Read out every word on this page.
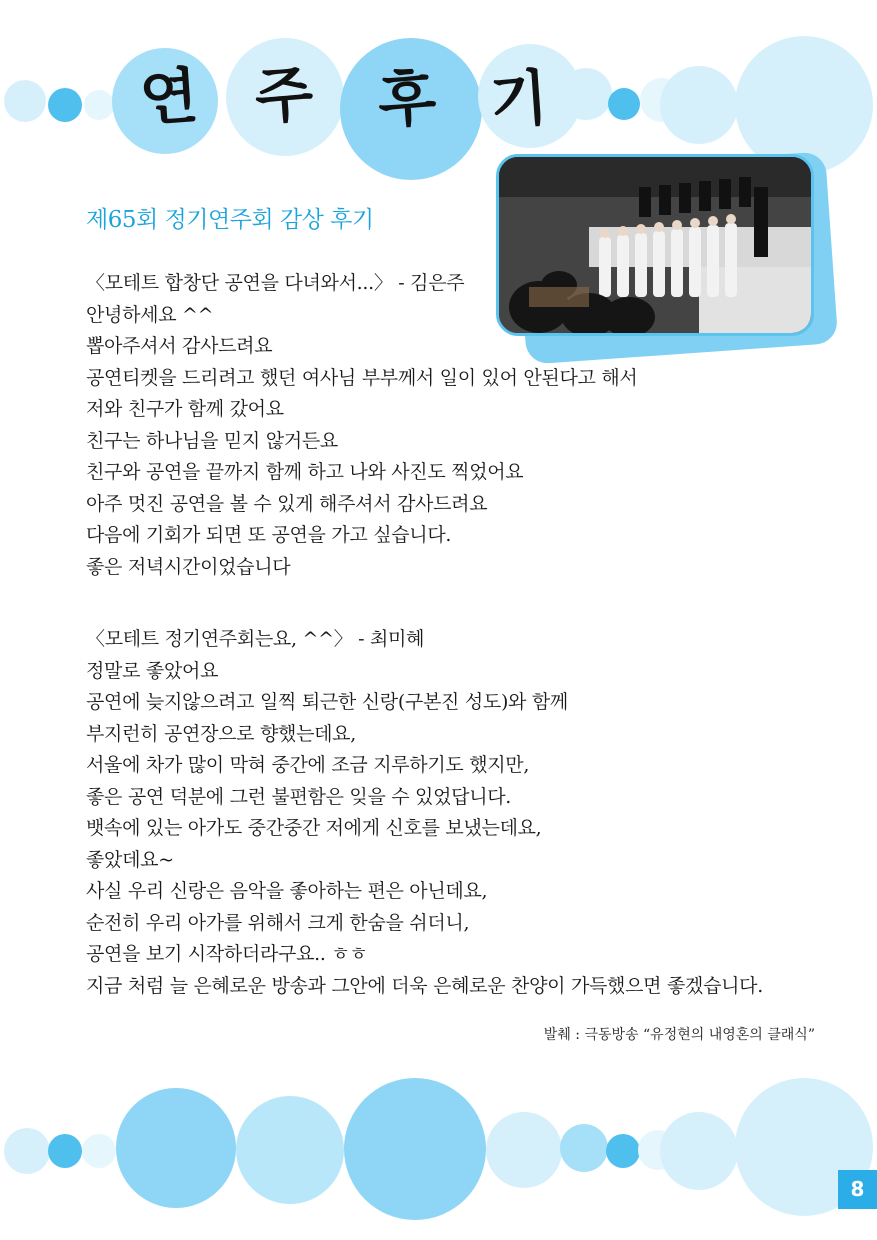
연 주 후 기
제65회 정기연주회 감상 후기
〈모테트 합창단 공연을 다녀와서...〉 - 김은주
안녕하세요 ^^
뽑아주셔서 감사드려요
공연티켓을 드리려고 했던 여사님 부부께서 일이 있어 안된다고 해서
저와 친구가 함께 갔어요
친구는 하나님을 믿지 않거든요
친구와 공연을 끝까지 함께 하고 나와 사진도 찍었어요
아주 멋진 공연을 볼 수 있게 해주셔서 감사드려요
다음에 기회가 되면 또 공연을 가고 싶습니다.
좋은 저녁시간이었습니다
〈모테트 정기연주회는요, ^^〉 - 최미혜
정말로 좋았어요
공연에 늦지않으려고 일찍 퇴근한 신랑(구본진 성도)와 함께
부지런히 공연장으로 향했는데요,
서울에 차가 많이 막혀 중간에 조금 지루하기도 했지만,
좋은 공연 덕분에 그런 불편함은 잊을 수 있었답니다.
뱃속에 있는 아가도 중간중간 저에게 신호를 보냈는데요,
좋았데요~
사실 우리 신랑은 음악을 좋아하는 편은 아닌데요,
순전히 우리 아가를 위해서 크게 한숨을 쉬더니,
공연을 보기 시작하더라구요.. ㅎㅎ
지금 처럼 늘 은혜로운 방송과 그안에 더욱 은혜로운 찬양이 가득했으면 좋겠습니다.
발췌 : 극동방송 “유정현의 내영혼의 클래식”
8
